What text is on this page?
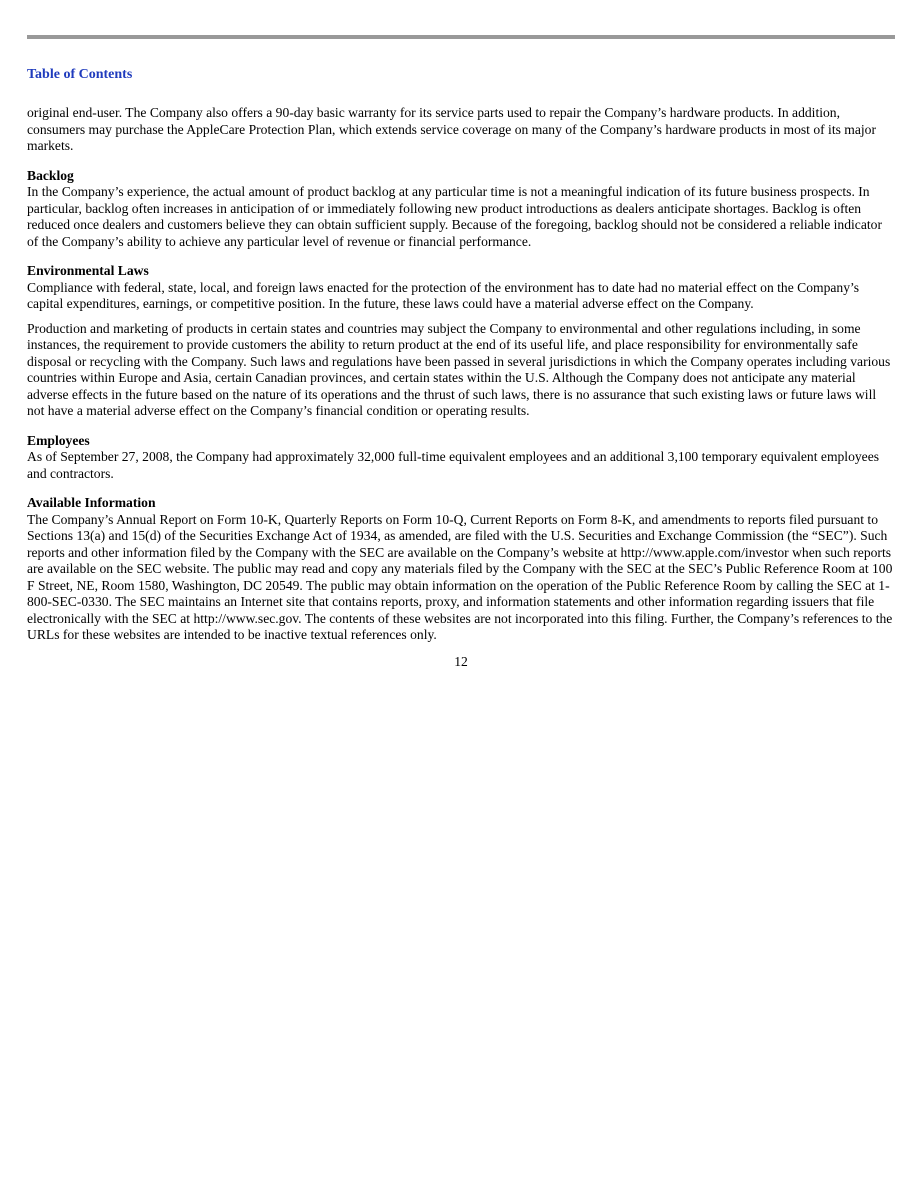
Table of Contents

original end-user. The Company also offers a 90-day basic warranty for its service parts used to repair the Company’s hardware products. In addition, consumers may purchase the AppleCare Protection Plan, which extends service coverage on many of the Company’s hardware products in most of its major markets.

Backlog

In the Company’s experience, the actual amount of product backlog at any particular time is not a meaningful indication of its future business prospects. In particular, backlog often increases in anticipation of or immediately following new product introductions as dealers anticipate shortages. Backlog is often reduced once dealers and customers believe they can obtain sufficient supply. Because of the foregoing, backlog should not be considered a reliable indicator of the Company’s ability to achieve any particular level of revenue or financial performance.

Environmental Laws

Compliance with federal, state, local, and foreign laws enacted for the protection of the environment has to date had no material effect on the Company’s capital expenditures, earnings, or competitive position. In the future, these laws could have a material adverse effect on the Company.

Production and marketing of products in certain states and countries may subject the Company to environmental and other regulations including, in some instances, the requirement to provide customers the ability to return product at the end of its useful life, and place responsibility for environmentally safe disposal or recycling with the Company. Such laws and regulations have been passed in several jurisdictions in which the Company operates including various countries within Europe and Asia, certain Canadian provinces, and certain states within the U.S. Although the Company does not anticipate any material adverse effects in the future based on the nature of its operations and the thrust of such laws, there is no assurance that such existing laws or future laws will not have a material adverse effect on the Company’s financial condition or operating results.

Employees

As of September 27, 2008, the Company had approximately 32,000 full-time equivalent employees and an additional 3,100 temporary equivalent employees and contractors.

Available Information

The Company’s Annual Report on Form 10-K, Quarterly Reports on Form 10-Q, Current Reports on Form 8-K, and amendments to reports filed pursuant to Sections 13(a) and 15(d) of the Securities Exchange Act of 1934, as amended, are filed with the U.S. Securities and Exchange Commission (the “SEC”). Such reports and other information filed by the Company with the SEC are available on the Company’s website at http://www.apple.com/investor when such reports are available on the SEC website. The public may read and copy any materials filed by the Company with the SEC at the SEC’s Public Reference Room at 100 F Street, NE, Room 1580, Washington, DC 20549. The public may obtain information on the operation of the Public Reference Room by calling the SEC at 1-800-SEC-0330. The SEC maintains an Internet site that contains reports, proxy, and information statements and other information regarding issuers that file electronically with the SEC at http://www.sec.gov. The contents of these websites are not incorporated into this filing. Further, the Company’s references to the URLs for these websites are intended to be inactive textual references only.

12
